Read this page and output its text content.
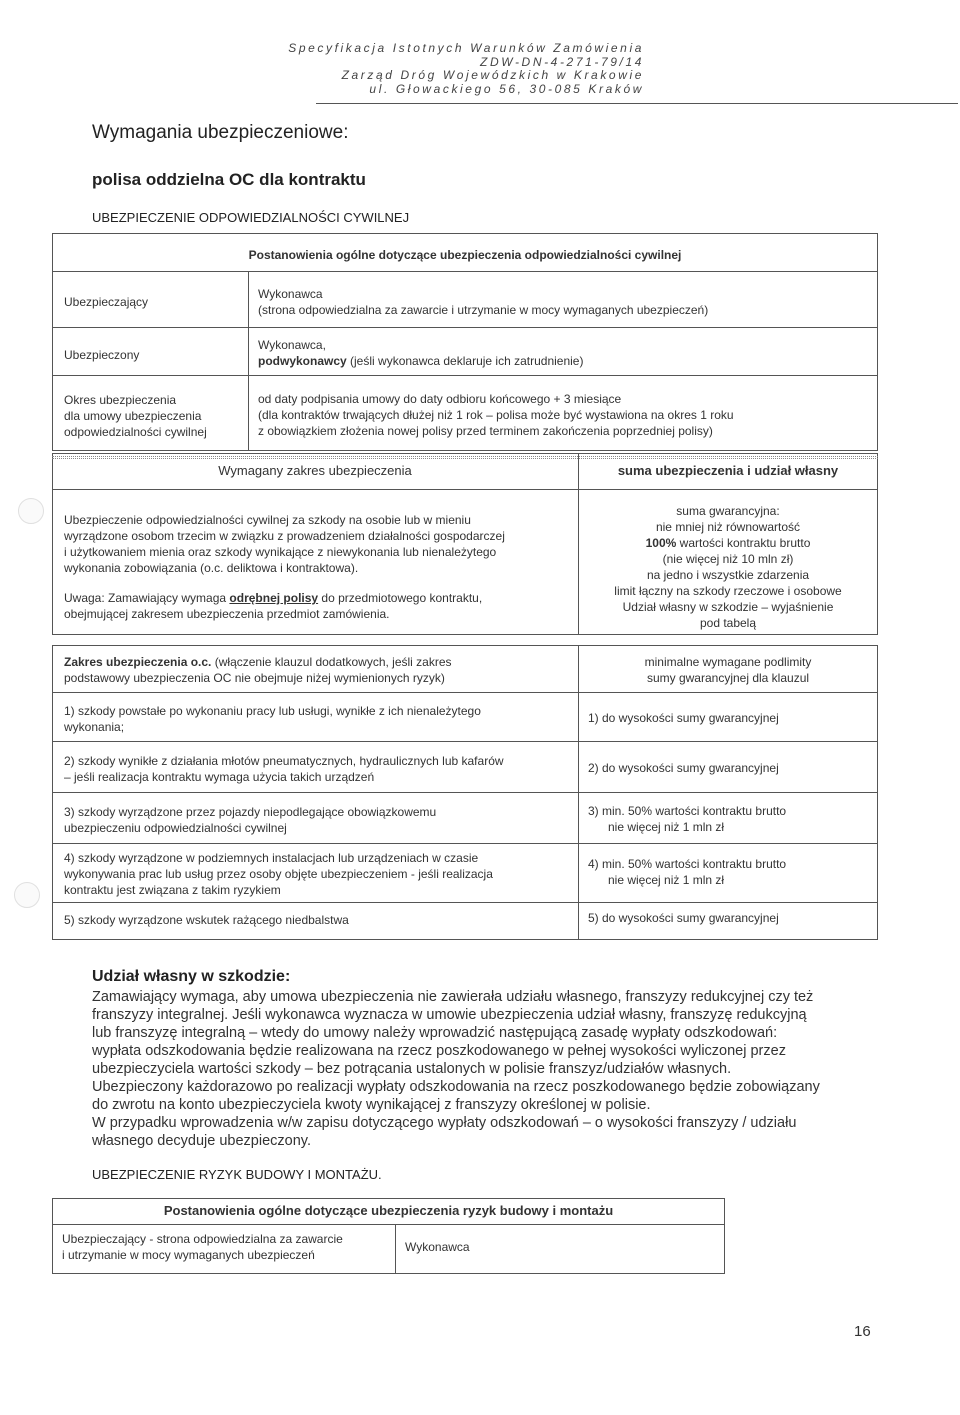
Specyfikacja Istotnych Warunków Zamówienia
ZDW-DN-4-271-79/14
Zarząd Dróg Wojewódzkich w Krakowie
ul. Głowackiego 56, 30-085 Kraków
Wymagania ubezpieczeniowe:
polisa oddzielna OC dla kontraktu
UBEZPIECZENIE ODPOWIEDZIALNOŚCI CYWILNEJ
Postanowienia ogólne dotyczące ubezpieczenia odpowiedzialności cywilnej
Ubezpieczający
Wykonawca
(strona odpowiedzialna za zawarcie i utrzymanie w mocy wymaganych ubezpieczeń)
Ubezpieczony
Wykonawca,
podwykonawcy (jeśli wykonawca deklaruje ich zatrudnienie)
Okres ubezpieczenia
dla umowy ubezpieczenia
odpowiedzialności cywilnej
od daty podpisania umowy do daty odbioru końcowego + 3 miesiące
(dla kontraktów trwających dłużej niż 1 rok – polisa może być wystawiona na okres 1 roku
z obowiązkiem złożenia nowej polisy przed terminem zakończenia poprzedniej polisy)
Wymagany zakres ubezpieczenia	suma ubezpieczenia i udział własny
Ubezpieczenie odpowiedzialności cywilnej za szkody na osobie lub w mieniu
wyrządzone osobom trzecim w związku z prowadzeniem działalności gospodarczej
i użytkowaniem mienia oraz szkody wynikające z niewykonania lub nienależytego
wykonania zobowiązania (o.c. deliktowa i kontraktowa).
Uwaga: Zamawiający wymaga odrębnej polisy do przedmiotowego kontraktu,
obejmującej zakresem ubezpieczenia przedmiot zamówienia.
suma gwarancyjna:
nie mniej niż równowartość
100% wartości kontraktu brutto
(nie więcej niż 10 mln zł)
na jedno i wszystkie zdarzenia
limit łączny na szkody rzeczowe i osobowe
Udział własny w szkodzie – wyjaśnienie
pod tabelą
Zakres ubezpieczenia o.c. (włączenie klauzul dodatkowych, jeśli zakres
podstawowy ubezpieczenia OC nie obejmuje niżej wymienionych ryzyk)
minimalne wymagane podlimity
sumy gwarancyjnej dla klauzul
1) szkody powstałe po wykonaniu pracy lub usługi, wynikłe z ich nienależytego
wykonania;
1) do wysokości sumy gwarancyjnej
2) szkody wynikłe z działania młotów pneumatycznych, hydraulicznych lub kafarów
– jeśli realizacja kontraktu wymaga użycia takich urządzeń
2) do wysokości sumy gwarancyjnej
3) szkody wyrządzone przez pojazdy niepodlegające obowiązkowemu
ubezpieczeniu odpowiedzialności cywilnej
3) min. 50% wartości kontraktu brutto
nie więcej niż 1 mln zł
4) szkody wyrządzone w podziemnych instalacjach lub urządzeniach w czasie
wykonywania prac lub usług przez osoby objęte ubezpieczeniem - jeśli realizacja
kontraktu jest związana z takim ryzykiem
4) min. 50% wartości kontraktu brutto
nie więcej niż 1 mln zł
5) szkody wyrządzone wskutek rażącego niedbalstwa	5) do wysokości sumy gwarancyjnej
Udział własny w szkodzie:
Zamawiający wymaga, aby umowa ubezpieczenia nie zawierała udziału własnego, franszyzy redukcyjnej czy też
franszyzy integralnej. Jeśli wykonawca wyznacza w umowie ubezpieczenia udział własny, franszyzę redukcyjną
lub franszyzę integralną – wtedy do umowy należy wprowadzić następującą zasadę wypłaty odszkodowań:
wypłata odszkodowania będzie realizowana na rzecz poszkodowanego w pełnej wysokości wyliczonej przez
ubezpieczyciela wartości szkody – bez potrącania ustalonych w polisie franszyz/udziałów własnych.
Ubezpieczony każdorazowo po realizacji wypłaty odszkodowania na rzecz poszkodowanego będzie zobowiązany
do zwrotu na konto ubezpieczyciela kwoty wynikającej z franszyzy określonej w polisie.
W przypadku wprowadzenia w/w zapisu dotyczącego wypłaty odszkodowań – o wysokości franszyzy / udziału
własnego decyduje ubezpieczony.
UBEZPIECZENIE RYZYK BUDOWY I MONTAŻU.
Postanowienia ogólne dotyczące ubezpieczenia ryzyk budowy i montażu
Ubezpieczający - strona odpowiedzialna za zawarcie
i utrzymanie w mocy wymaganych ubezpieczeń
Wykonawca
16
